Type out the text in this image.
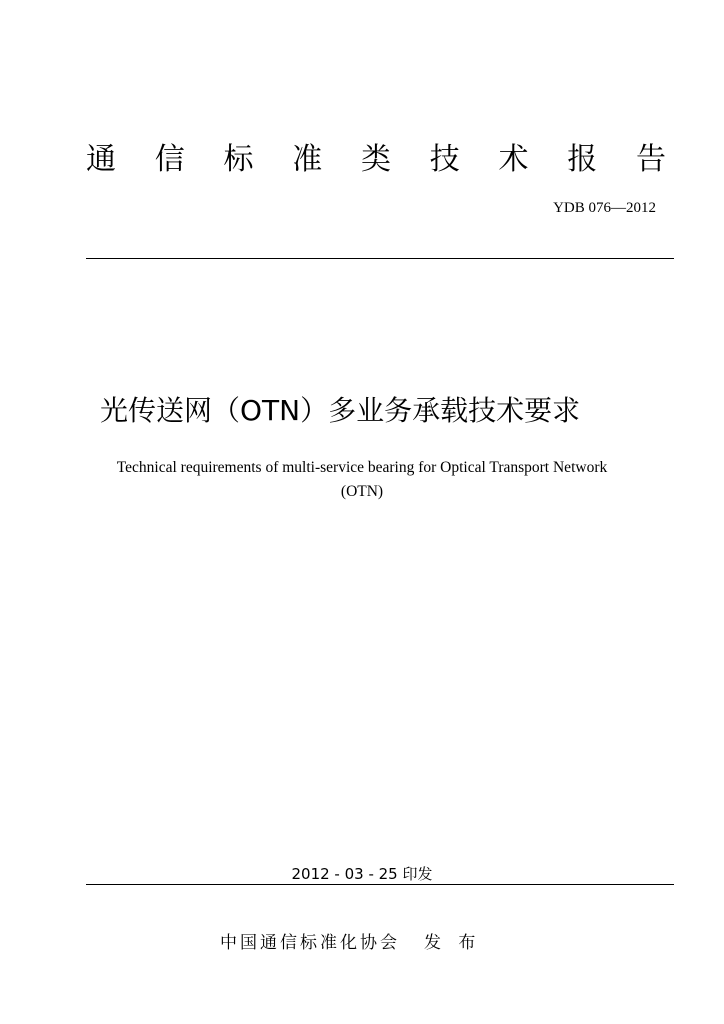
通 信 标 准 类 技 术 报 告
YDB 076—2012
光传送网（OTN）多业务承载技术要求
Technical requirements of multi-service bearing for Optical Transport Network
(OTN)
2012 - 03 - 25 印发
中国通信标准化协会 发 布
